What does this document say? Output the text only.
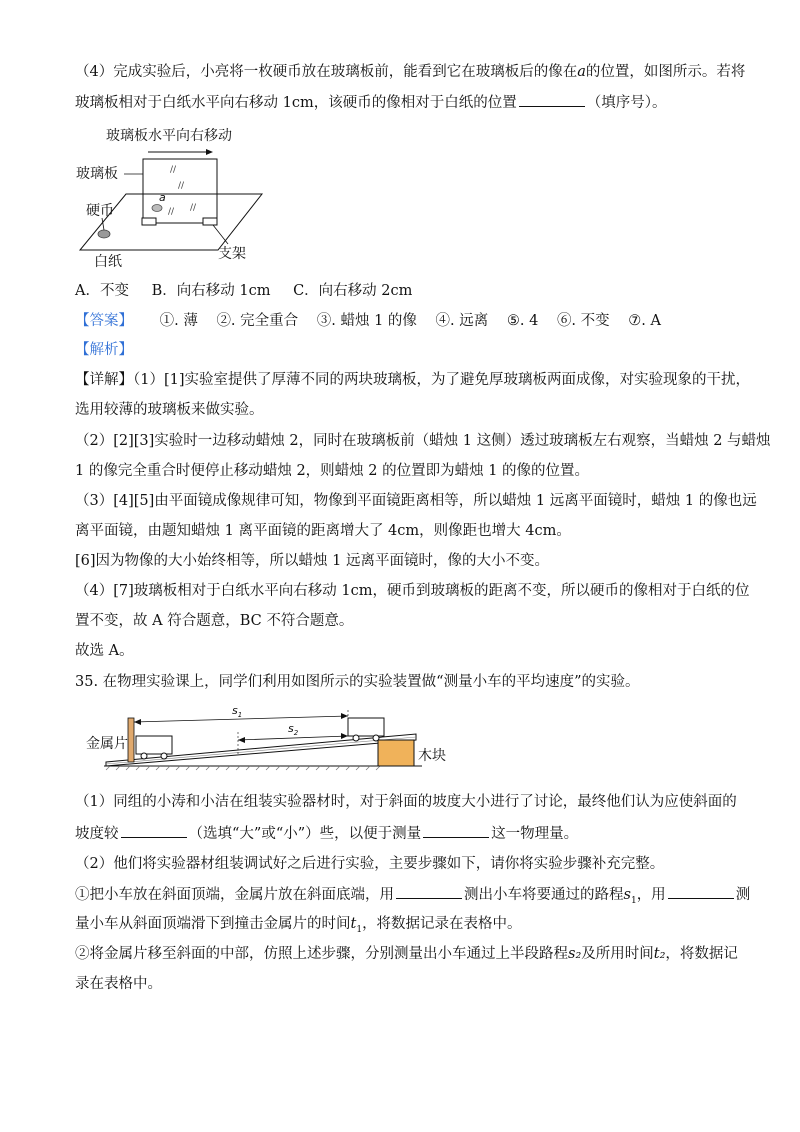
（4）完成实验后，小亮将一枚硬币放在玻璃板前，能看到它在玻璃板后的像在a的位置，如图所示。若将
玻璃板相对于白纸水平向右移动 1cm，该硬币的像相对于白纸的位置	（填序号）。
玻璃板水平向右移动
//
//
// //
a
玻璃板
硬币
白纸	支架
A．不变 B．向右移动 1cm C．向右移动 2cm
【答案】 ①. 薄 ②. 完全重合 ③. 蜡烛 1 的像 ④. 远离 ⑤. 4 ⑥. 不变 ⑦. A
【解析】
【详解】（1）[1]实验室提供了厚薄不同的两块玻璃板，为了避免厚玻璃板两面成像，对实验现象的干扰，
选用较薄的玻璃板来做实验。
（2）[2][3]实验时一边移动蜡烛 2，同时在玻璃板前（蜡烛 1 这侧）透过玻璃板左右观察，当蜡烛 2 与蜡烛
1 的像完全重合时便停止移动蜡烛 2，则蜡烛 2 的位置即为蜡烛 1 的像的位置。
（3）[4][5]由平面镜成像规律可知，物像到平面镜距离相等，所以蜡烛 1 远离平面镜时，蜡烛 1 的像也远
离平面镜，由题知蜡烛 1 离平面镜的距离增大了 4cm，则像距也增大 4cm。
[6]因为物像的大小始终相等，所以蜡烛 1 远离平面镜时，像的大小不变。
（4）[7]玻璃板相对于白纸水平向右移动 1cm，硬币到玻璃板的距离不变，所以硬币的像相对于白纸的位
置不变，故 A 符合题意，BC 不符合题意。
故选 A。
35. 在物理实验课上，同学们利用如图所示的实验装置做“测量小车的平均速度”的实验。
$s_1$
$s_2$
金属片
木块
（1）同组的小涛和小洁在组装实验器材时，对于斜面的坡度大小进行了讨论，最终他们认为应使斜面的
坡度较	（选填“大”或“小”）些，以便于测量	这一物理量。
（2）他们将实验器材组装调试好之后进行实验，主要步骤如下，请你将实验步骤补充完整。
①把小车放在斜面顶端，金属片放在斜面底端，用	测出小车将要通过的路程$s_1$，用	测
量小车从斜面顶端滑下到撞击金属片的时间$t_1$，将数据记录在表格中。
②将金属片移至斜面的中部，仿照上述步骤，分别测量出小车通过上半段路程s₂及所用时间t₂，将数据记
录在表格中。
